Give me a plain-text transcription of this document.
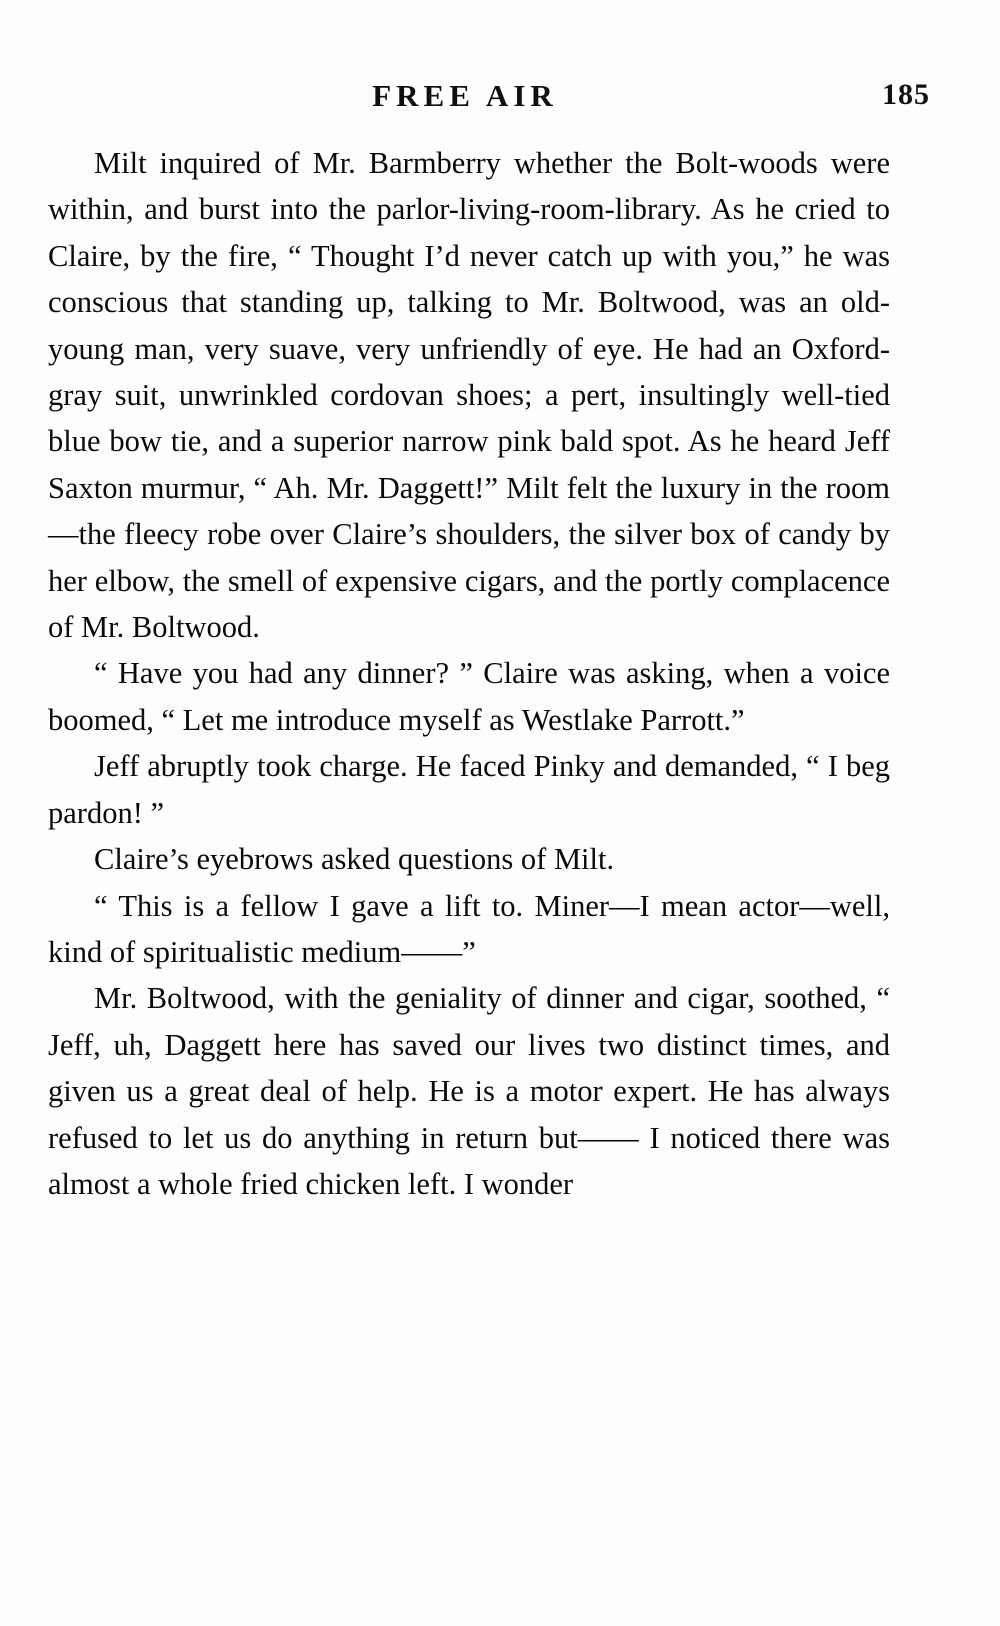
FREE AIR	185

Milt inquired of Mr. Barmberry whether the Bolt-woods were within, and burst into the parlor-living-room-library. As he cried to Claire, by the fire, “ Thought I’d never catch up with you,” he was conscious that standing up, talking to Mr. Boltwood, was an old-young man, very suave, very unfriendly of eye. He had an Oxford-gray suit, unwrinkled cordovan shoes; a pert, insultingly well-tied blue bow tie, and a superior narrow pink bald spot. As he heard Jeff Saxton murmur, “ Ah. Mr. Daggett!” Milt felt the luxury in the room—the fleecy robe over Claire’s shoulders, the silver box of candy by her elbow, the smell of expensive cigars, and the portly complacence of Mr. Boltwood.

“ Have you had any dinner? ” Claire was asking, when a voice boomed, “ Let me introduce myself as Westlake Parrott.”

Jeff abruptly took charge. He faced Pinky and demanded, “ I beg pardon! ”

Claire’s eyebrows asked questions of Milt.

“ This is a fellow I gave a lift to. Miner—I mean actor—well, kind of spiritualistic medium——”

Mr. Boltwood, with the geniality of dinner and cigar, soothed, “ Jeff, uh, Daggett here has saved our lives two distinct times, and given us a great deal of help. He is a motor expert. He has always refused to let us do anything in return but—— I noticed there was almost a whole fried chicken left. I wonder
